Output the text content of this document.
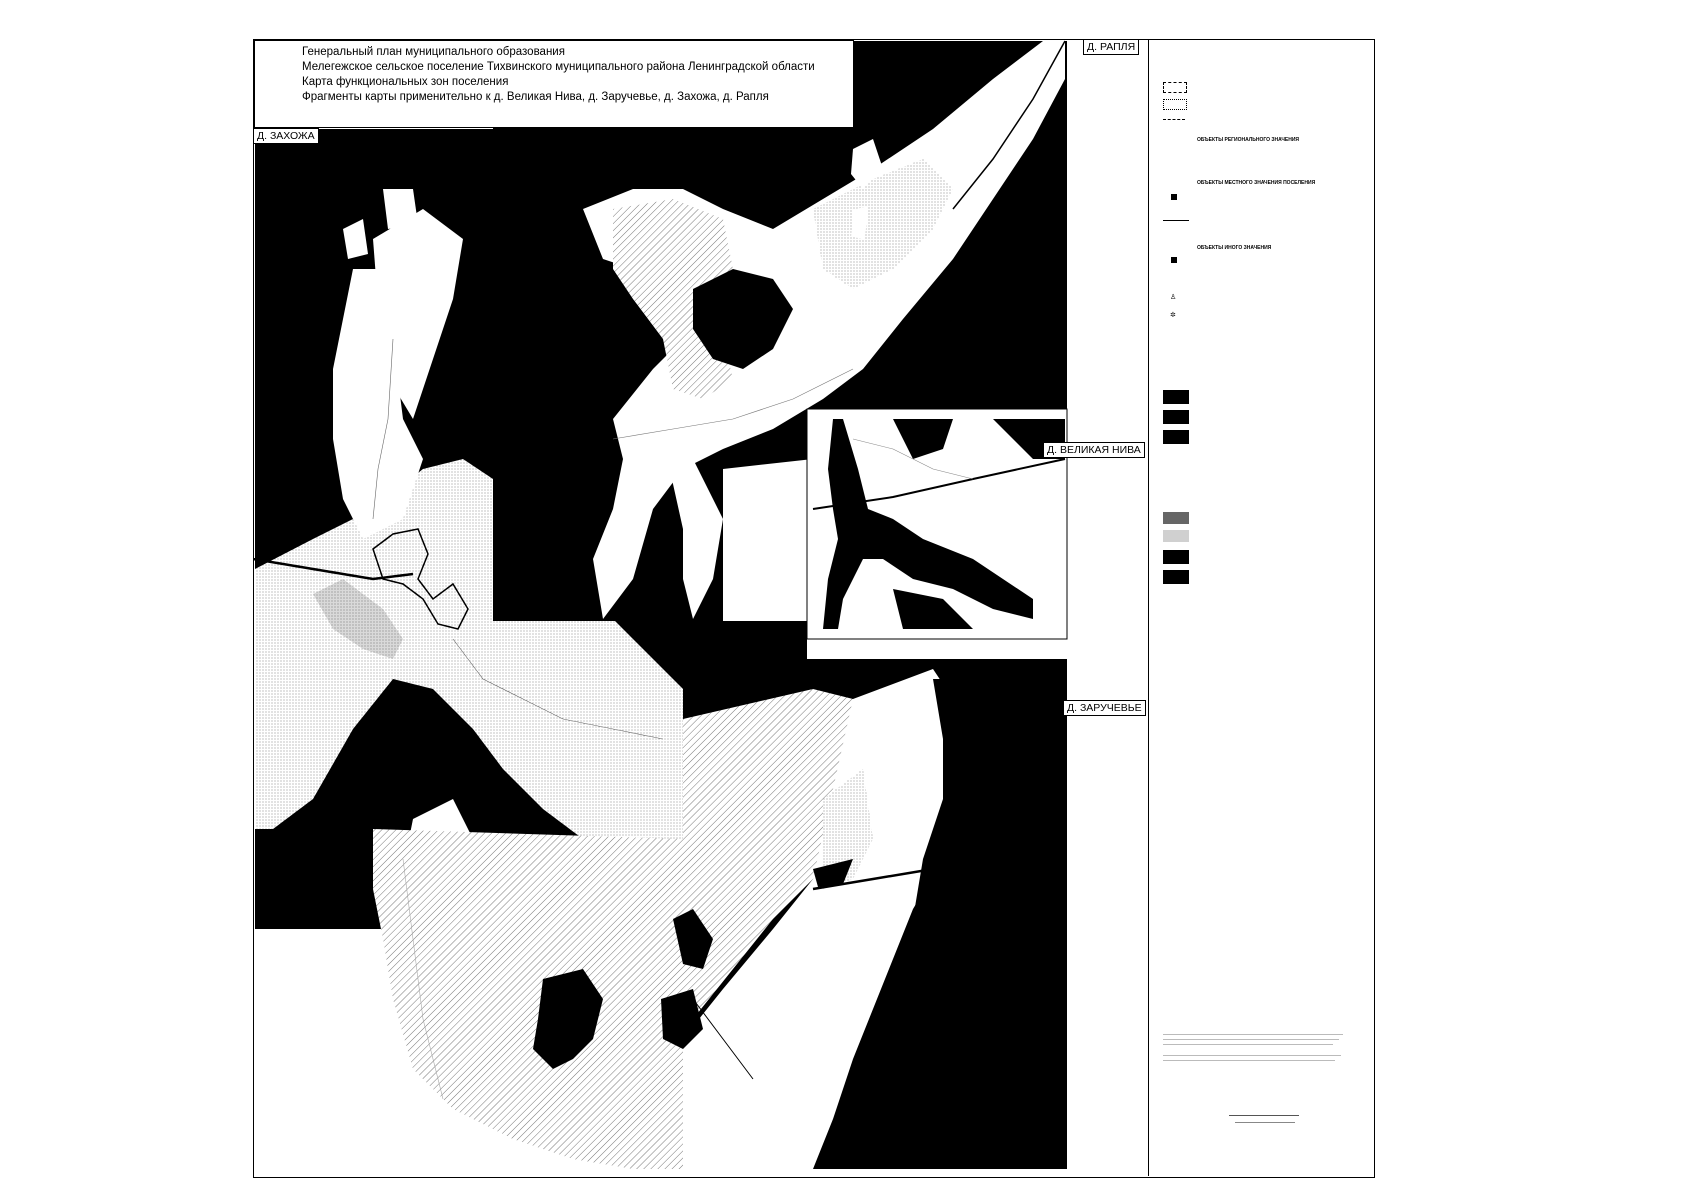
Генеральный план муниципального образования
Мелегежское сельское поселение Тихвинского муниципального района Ленинградской области
Карта функциональных зон поселения
Фрагменты карты применительно к д. Великая Нива, д. Заручевье, д. Захожа, д. Рапля
Д. РАПЛЯ
Д. ЗАХОЖА
Д. ВЕЛИКАЯ НИВА
Д. ЗАРУЧЕВЬЕ
ОБЪЕКТЫ РЕГИОНАЛЬНОГО ЗНАЧЕНИЯ
ОБЪЕКТЫ МЕСТНОГО ЗНАЧЕНИЯ ПОСЕЛЕНИЯ
ОБЪЕКТЫ ИНОГО ЗНАЧЕНИЯ
♙
✲
